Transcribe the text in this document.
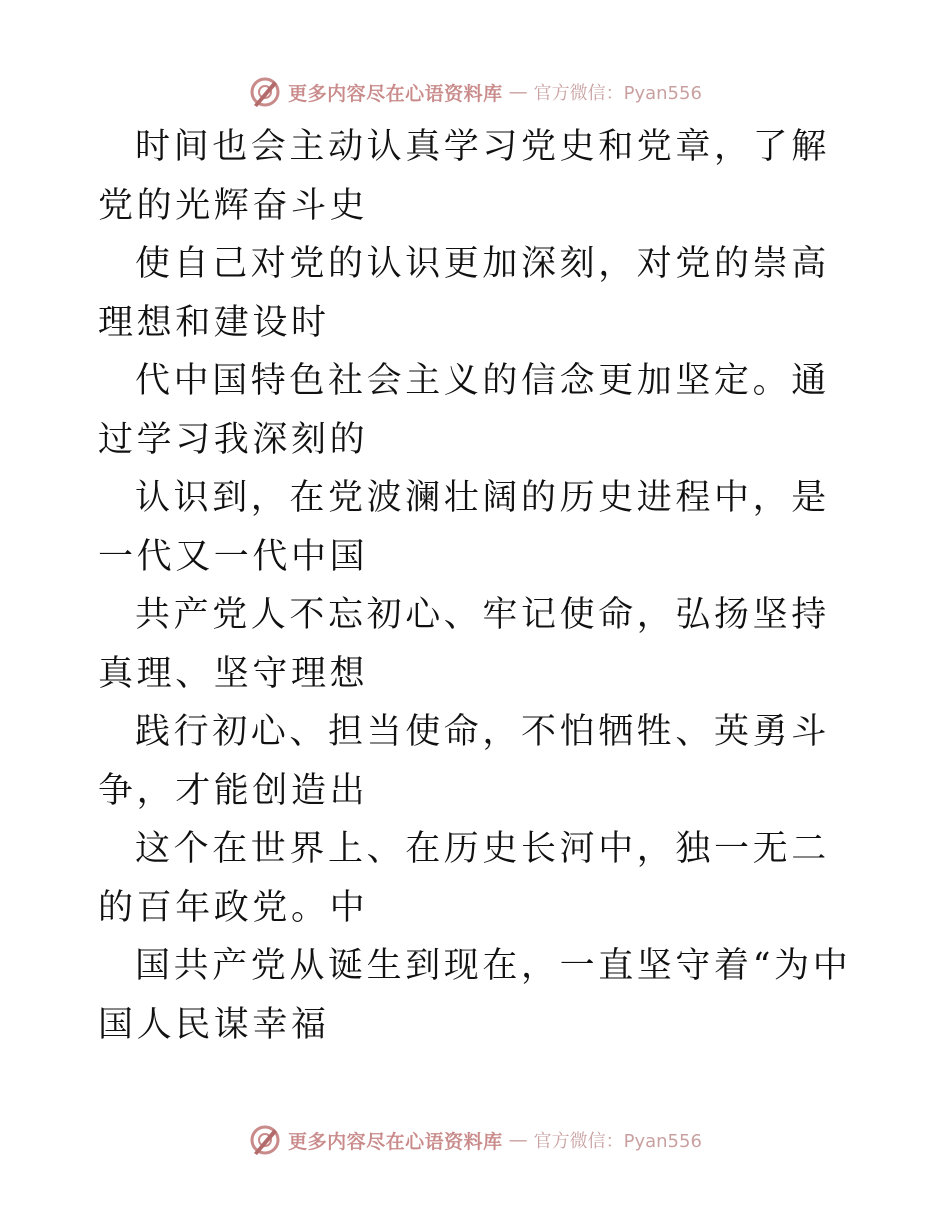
更多内容尽在心语资料库 — 官方微信：Pyan556

时间也会主动认真学习党史和党章，了解党的光辉奋斗史

使自己对党的认识更加深刻，对党的崇高理想和建设时

代中国特色社会主义的信念更加坚定。通过学习我深刻的

认识到，在党波澜壮阔的历史进程中，是一代又一代中国

共产党人不忘初心、牢记使命，弘扬坚持真理、坚守理想

践行初心、担当使命，不怕牺牲、英勇斗争，才能创造出

这个在世界上、在历史长河中，独一无二的百年政党。中

国共产党从诞生到现在，一直坚守着“为中国人民谋幸福

更多内容尽在心语资料库 — 官方微信：Pyan556
